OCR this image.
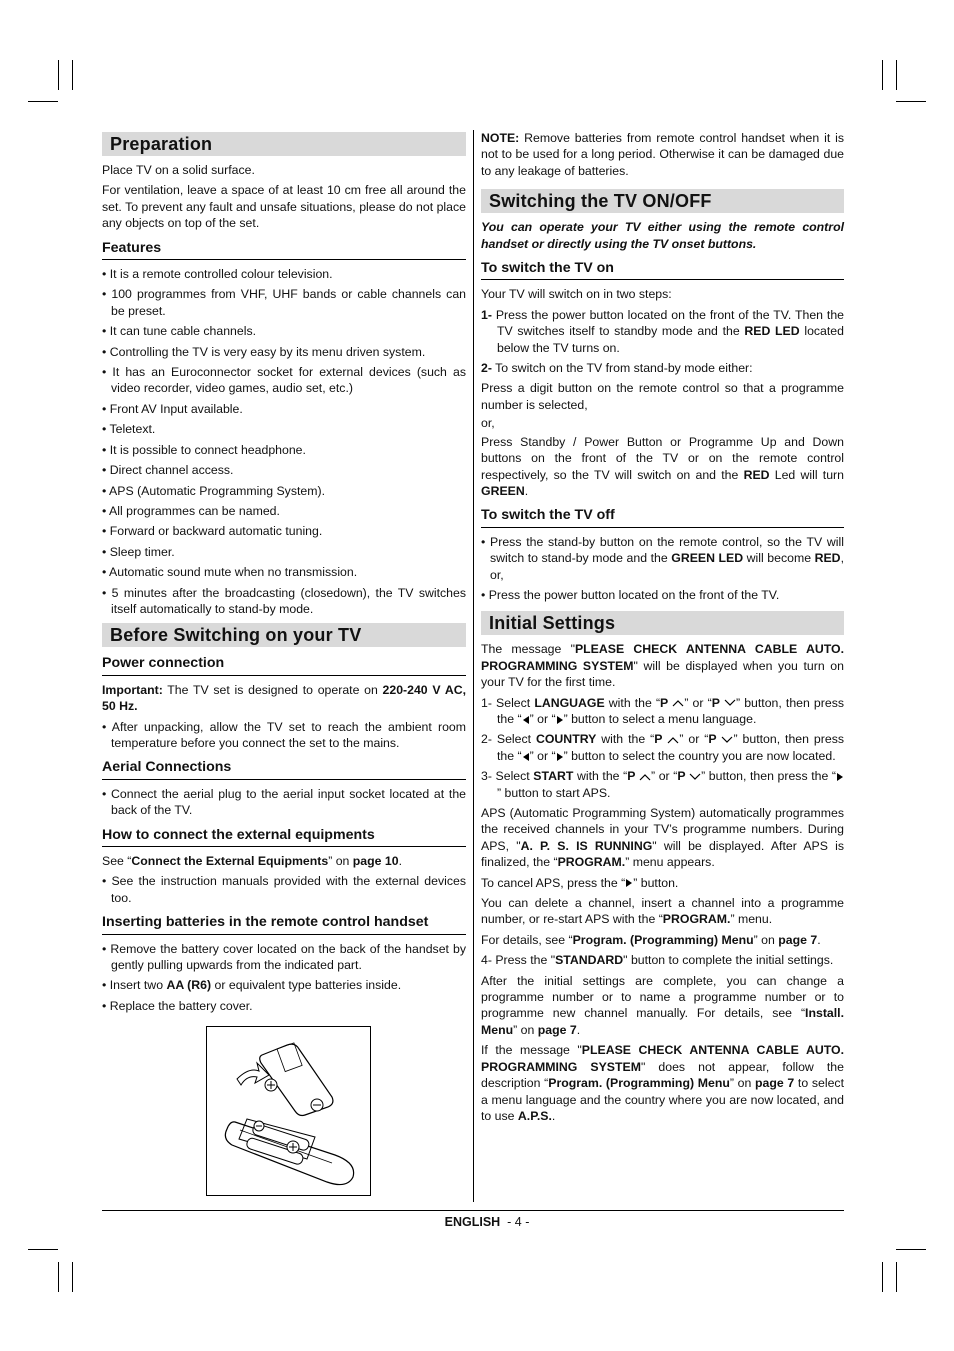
Preparation

Place TV on a solid surface.

For ventilation, leave a space of at least 10 cm free all around the set. To prevent any fault and unsafe situations, please do not place any objects on top of the set.

Features
• It is a remote controlled colour television.
• 100 programmes from VHF, UHF bands or cable channels can be preset.
• It can tune cable channels.
• Controlling the TV is very easy by its menu driven system.
• It has an Euroconnector socket for external devices (such as video recorder, video games, audio set, etc.)
• Front AV Input available.
• Teletext.
• It is possible to connect headphone.
• Direct channel access.
• APS (Automatic Programming System).
• All programmes can be named.
• Forward or backward automatic tuning.
• Sleep timer.
• Automatic sound mute when no transmission.
• 5 minutes after the broadcasting (closedown), the TV switches itself automatically to stand-by mode.
Before Switching on your TV
Power connection

Important: The TV set is designed to operate on 220-240 V AC, 50 Hz.

• After unpacking, allow the TV set to reach the ambient room temperature before you connect the set to the mains.
Aerial Connections
• Connect the aerial plug to the aerial input socket located at the back of the TV.
How to connect the external equipments

See “Connect the External Equipments” on page 10.

• See the instruction manuals provided with the external devices too.
Inserting batteries in the remote control handset
• Remove the battery cover located on the back of the handset by gently pulling upwards from the indicated part.
• Insert two AA (R6) or equivalent type batteries inside.
• Replace the battery cover.

NOTE: Remove batteries from remote control handset when it is not to be used for a long period. Otherwise it can be damaged due to any leakage of batteries.

Switching the TV ON/OFF
You can operate your TV either using the remote control handset or directly using the TV onset buttons.
To switch the TV on

Your TV will switch on in two steps:

1- Press the power button located on the front of the TV. Then the TV switches itself to standby mode and the RED LED located below the TV turns on.
2- To switch on the TV from stand-by mode either:

Press a digit button on the remote control so that a programme number is selected,

or,

Press Standby / Power Button or Programme Up and Down buttons on the front of the TV or on the remote control respectively, so the TV will switch on and the RED Led will turn GREEN.

To switch the TV off
• Press the stand-by button on the remote control, so the TV will switch to stand-by mode and the GREEN LED will become RED, or,
• Press the power button located on the front of the TV.
Initial Settings

The message "PLEASE CHECK ANTENNA CABLE AUTO. PROGRAMMING SYSTEM" will be displayed when you turn on your TV for the first time.

1- Select LANGUAGE with the “P ” or “P ” button, then press the “ ” or “ ” button to select a menu language.
2- Select COUNTRY with the “P ” or “P ” button, then press the “ ” or “ ” button to select the country you are now located.
3- Select START with the “P ” or “P ” button, then press the “” button to start APS.

APS (Automatic Programming System) automatically programmes the received channels in your TV’s programme numbers. During APS, "A. P. S. IS RUNNING" will be displayed. After APS is finalized, the “PROGRAM.” menu appears.

To cancel APS, press the “ ” button.

You can delete a channel, insert a channel into a programme number, or re-start APS with the “PROGRAM.” menu.

For details, see “Program. (Programming) Menu” on page 7.

4- Press the "STANDARD" button to complete the initial settings.

After the initial settings are complete, you can change a programme number or to name a programme number or to programme new channel manually. For details, see “Install. Menu” on page 7.

If the message "PLEASE CHECK ANTENNA CABLE AUTO. PROGRAMMING SYSTEM" does not appear, follow the description “Program. (Programming) Menu” on page 7 to select a menu language and the country where you are now located, and to use A.P.S..

ENGLISH - 4 -
